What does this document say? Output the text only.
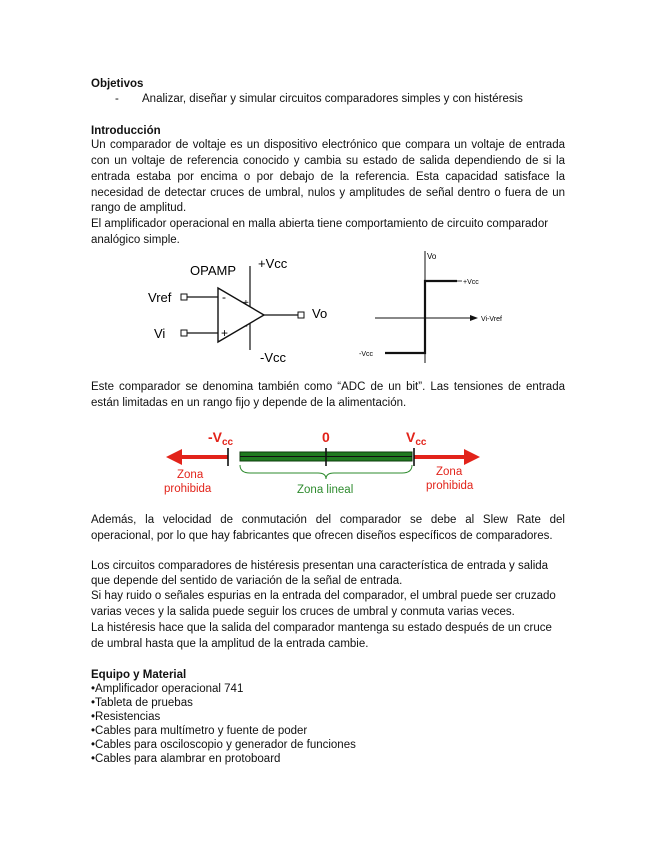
Objetivos
- Analizar, diseñar y simular circuitos comparadores simples y con histéresis
Introducción
Un comparador de voltaje es un dispositivo electrónico que compara un voltaje de entrada
con un voltaje de referencia conocido y cambia su estado de salida dependiendo de si la
entrada estaba por encima o por debajo de la referencia. Esta capacidad satisface la
necesidad de detectar cruces de umbral, nulos y amplitudes de señal dentro o fuera de un
rango de amplitud.
El amplificador operacional en malla abierta tiene comportamiento de circuito comparador
analógico simple.
OPAMP +Vcc
-Vcc
Vref
Vi
Vo
-
+
+
-
Vo
+Vcc
Vi-Vref
-Vcc
Este comparador se denomina también como “ADC de un bit”. Las tensiones de entrada
están limitadas en un rango fijo y depende de la alimentación.
$-V_{cc}$	0	$V_{cc}$
Zona
prohibida
Zona
prohibida
Zona lineal
Además, la velocidad de conmutación del comparador se debe al Slew Rate del
operacional, por lo que hay fabricantes que ofrecen diseños específicos de comparadores.
Los circuitos comparadores de histéresis presentan una característica de entrada y salida
que depende del sentido de variación de la señal de entrada.
Si hay ruido o señales espurias en la entrada del comparador, el umbral puede ser cruzado
varias veces y la salida puede seguir los cruces de umbral y conmuta varias veces.
La histéresis hace que la salida del comparador mantenga su estado después de un cruce
de umbral hasta que la amplitud de la entrada cambie.
Equipo y Material
•Amplificador operacional 741
•Tableta de pruebas
•Resistencias
•Cables para multímetro y fuente de poder
•Cables para osciloscopio y generador de funciones
•Cables para alambrar en protoboard
